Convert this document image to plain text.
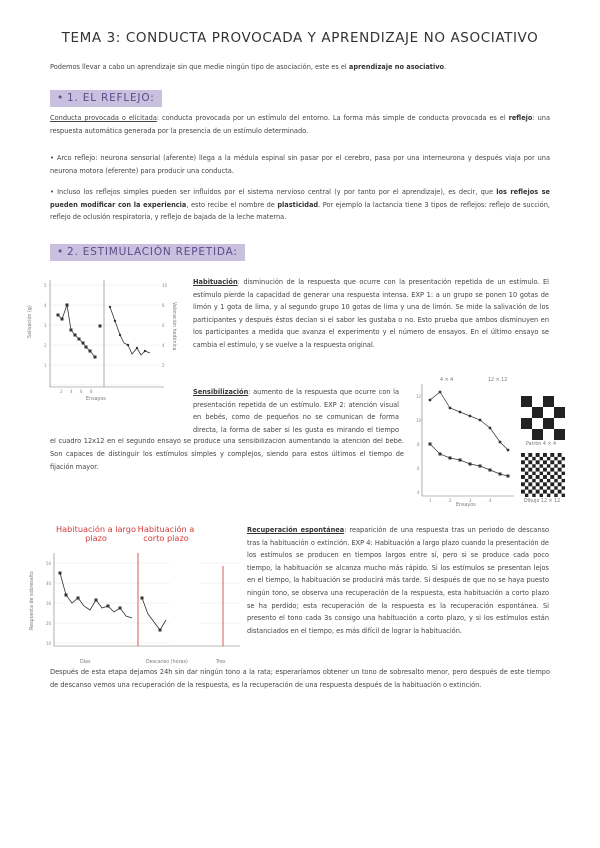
TEMA 3: CONDUCTA PROVOCADA Y APRENDIZAJE NO ASOCIATIVO
Podemos llevar a cabo un aprendizaje sin que medie ningún tipo de asociación, este es el aprendizaje no asociativo.
• 1. EL REFLEJO:
Conducta provocada o elicitada: conducta provocada por un estímulo del entorno. La forma más simple de conducta provocada es el reflejo: una respuesta automática generada por la presencia de un estímulo determinado.
• Arco reflejo: neurona sensorial (aferente) llega a la médula espinal sin pasar por el cerebro, pasa por una interneurona y después viaja por una neurona motora (eferente) para producir una conducta.
• Incluso los reflejos simples pueden ser influidos por el sistema nervioso central (y por tanto por el aprendizaje), es decir, que los reflejos se pueden modificar con la experiencia, esto recibe el nombre de plasticidad. Por ejemplo la lactancia tiene 3 tipos de reflejos: reflejo de succión, reflejo de oclusión respiratoria, y reflejo de bajada de la leche materna.
• 2. ESTIMULACIÓN REPETIDA:
5
4
3
2
1
10
8
6
4
2
2 4 6 8
Salivación (g)	Valoración hedónica
Ensayos
Habituación: disminución de la respuesta que ocurre con la presentación repetida de un estímulo. El estímulo pierde la capacidad de generar una respuesta intensa. EXP 1: a un grupo se ponen 10 gotas de limón y 1 gota de lima, y al segundo grupo 10 gotas de lima y una de limón. Se mide la salivación de los participantes y después éstos decían si el sabor les gustaba o no. Esto prueba que ambos disminuyen en los participantes a medida que avanza el experimento y el número de ensayos. En el último ensayo se cambia el estímulo, y se vuelve a la respuesta original.
Sensibilización: aumento de la respuesta que ocurre con la presentación repetida de un estímulo. EXP 2: atención visual en bebés, como de pequeños no se comunican de forma directa, la forma de saber si les gusta es mirando el tiempo
el cuadro 12x12 en el segundo ensayo se produce una sensibilización aumentando la atención del bebé. Son capaces de distinguir los estímulos simples y complejos, siendo para estos últimos el tiempo de fijación mayor.
12
10
8
6
4
1	2	3	4
4 × 4	12 × 12
Ensayos
Patrón 4 × 4
Dibujo 12 × 12
Habituación a largo plazo
Habituación a corto plazo
50
40
30
20
10
Respuesta de sobresalto
Días	Descanso (horas)	Tres
Recuperación espontánea: reaparición de una respuesta tras un periodo de descanso tras la habituación o extinción. EXP 4: Habituación a largo plazo cuando la presentación de los estímulos se producen en tiempos largos entre sí, pero si se produce cada poco tiempo, la habituación se alcanza mucho más rápido. Si los estímulos se presentan lejos en el tiempo, la habituación se producirá más tarde. Si después de que no se haya puesto ningún tono, se observa una recuperación de la respuesta, esta habituación a corto plazo se ha perdido; esta recuperación de la respuesta es la recuperación espontánea. Si presento el tono cada 3s consigo una habituación a corto plazo, y si los estímulos están distanciados en el tiempo, es más difícil de lograr la habituación.
Después de esta etapa dejamos 24h sin dar ningún tono a la rata; esperaríamos obtener un tono de sobresalto menor, pero después de este tiempo de descanso vemos una recuperación de la respuesta, es la recuperación de una respuesta después de la habituación o extinción.
